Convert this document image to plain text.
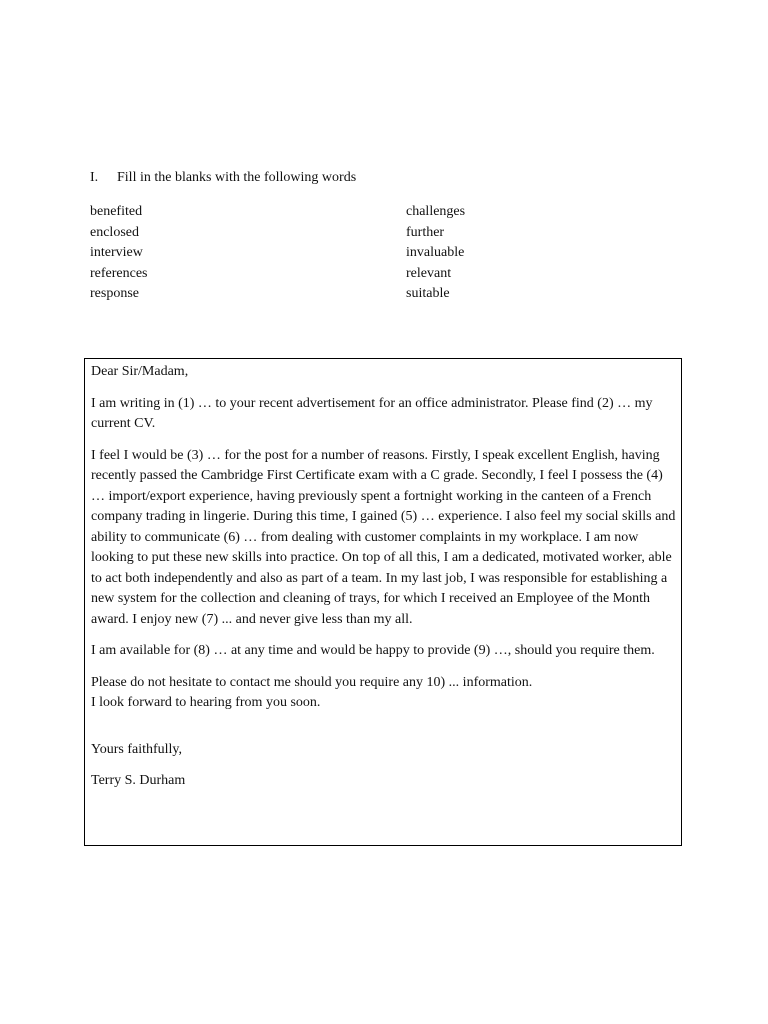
I. Fill in the blanks with the following words
benefited
enclosed
interview
references
response
challenges
further
invaluable
relevant
suitable

Dear Sir/Madam,

I am writing in (1) … to your recent advertisement for an office administrator. Please find (2) … my current CV.

I feel I would be (3) … for the post for a number of reasons. Firstly, I speak excellent English, having recently passed the Cambridge First Certificate exam with a C grade. Secondly, I feel I possess the (4) … import/export experience, having previously spent a fortnight working in the canteen of a French company trading in lingerie. During this time, I gained (5) … experience. I also feel my social skills and ability to communicate (6) … from dealing with customer complaints in my workplace. I am now looking to put these new skills into practice. On top of all this, I am a dedicated, motivated worker, able to act both independently and also as part of a team. In my last job, I was responsible for establishing a new system for the collection and cleaning of trays, for which I received an Employee of the Month award. I enjoy new (7) ... and never give less than my all.

I am available for (8) … at any time and would be happy to provide (9) …, should you require them.

Please do not hesitate to contact me should you require any 10) ... information.

I look forward to hearing from you soon.

Yours faithfully,

Terry S. Durham
